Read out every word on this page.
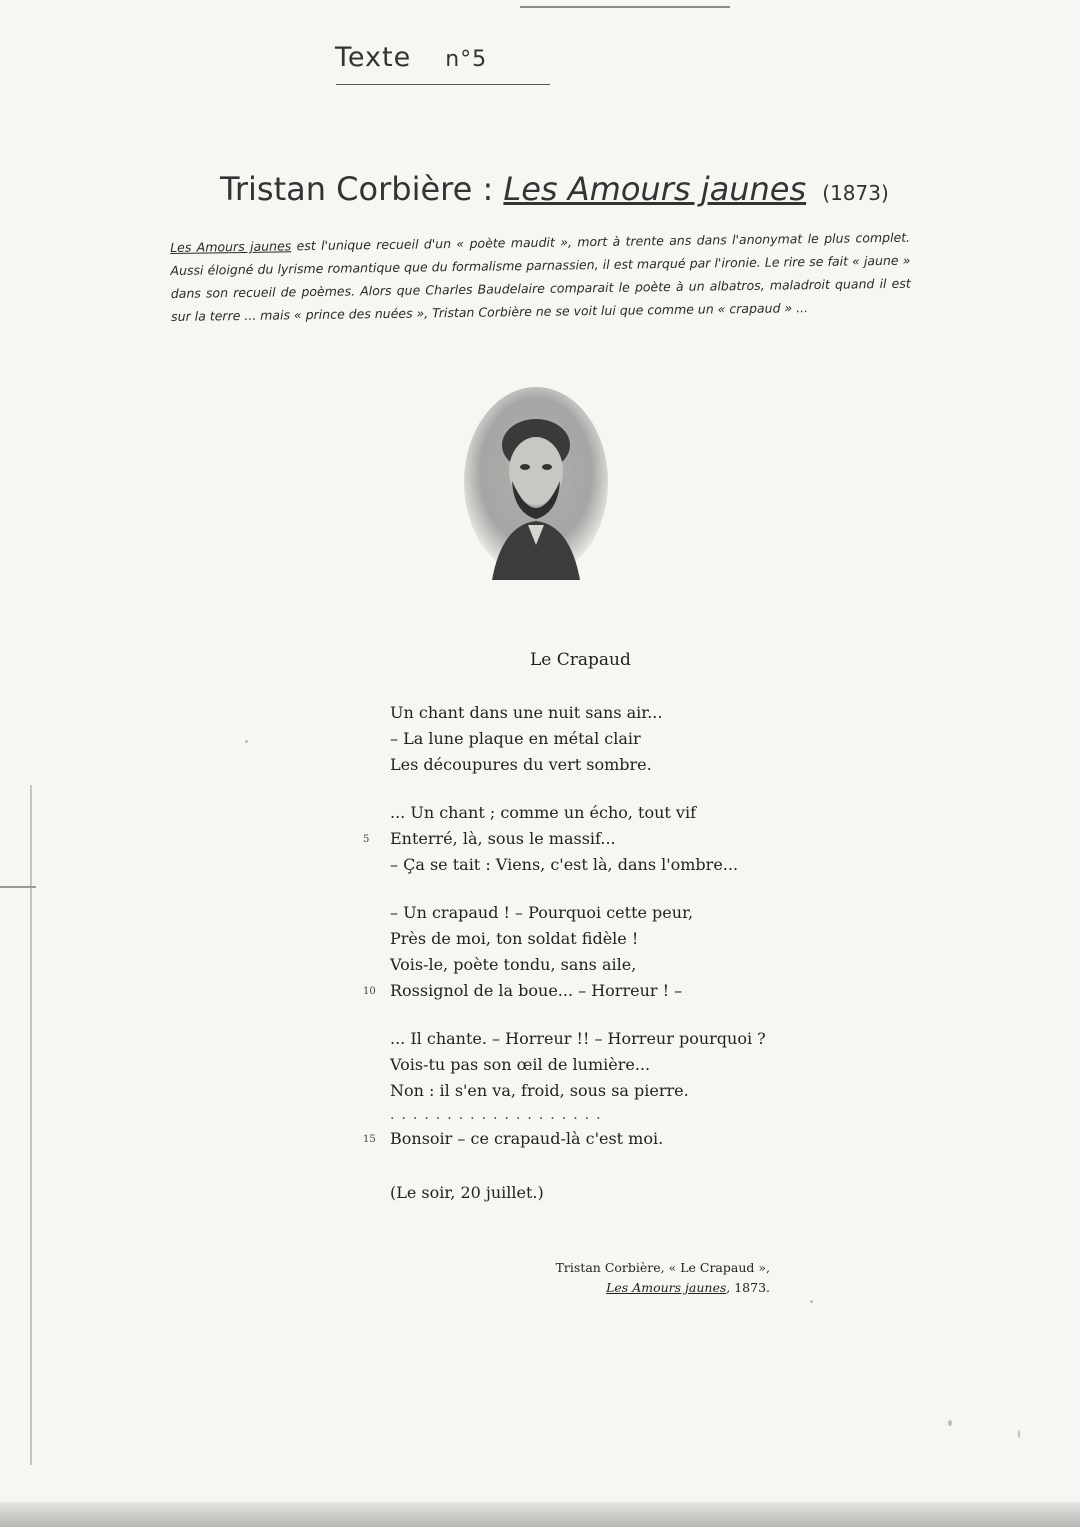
Texte n°5
Tristan Corbière : Les Amours jaunes (1873)
Les Amours jaunes est l'unique recueil d'un « poète maudit », mort à trente ans dans l'anonymat le plus complet. Aussi éloigné du lyrisme romantique que du formalisme parnassien, il est marqué par l'ironie. Le rire se fait « jaune » dans son recueil de poèmes. Alors que Charles Baudelaire comparait le poète à un albatros, maladroit quand il est sur la terre ... mais « prince des nuées », Tristan Corbière ne se voit lui que comme un « crapaud » ...
Le Crapaud
Un chant dans une nuit sans air...
– La lune plaque en métal clair
Les découpures du vert sombre.
... Un chant ; comme un écho, tout vif
5 Enterré, là, sous le massif...
– Ça se tait : Viens, c'est là, dans l'ombre...
– Un crapaud ! – Pourquoi cette peur,
Près de moi, ton soldat fidèle !
Vois-le, poète tondu, sans aile,
10 Rossignol de la boue... – Horreur ! –
... Il chante. – Horreur !! – Horreur pourquoi ?
Vois-tu pas son œil de lumière...
Non : il s'en va, froid, sous sa pierre.
...................
15 Bonsoir – ce crapaud-là c'est moi.
(Le soir, 20 juillet.)
Tristan Corbière, « Le Crapaud »,
Les Amours jaunes, 1873.
